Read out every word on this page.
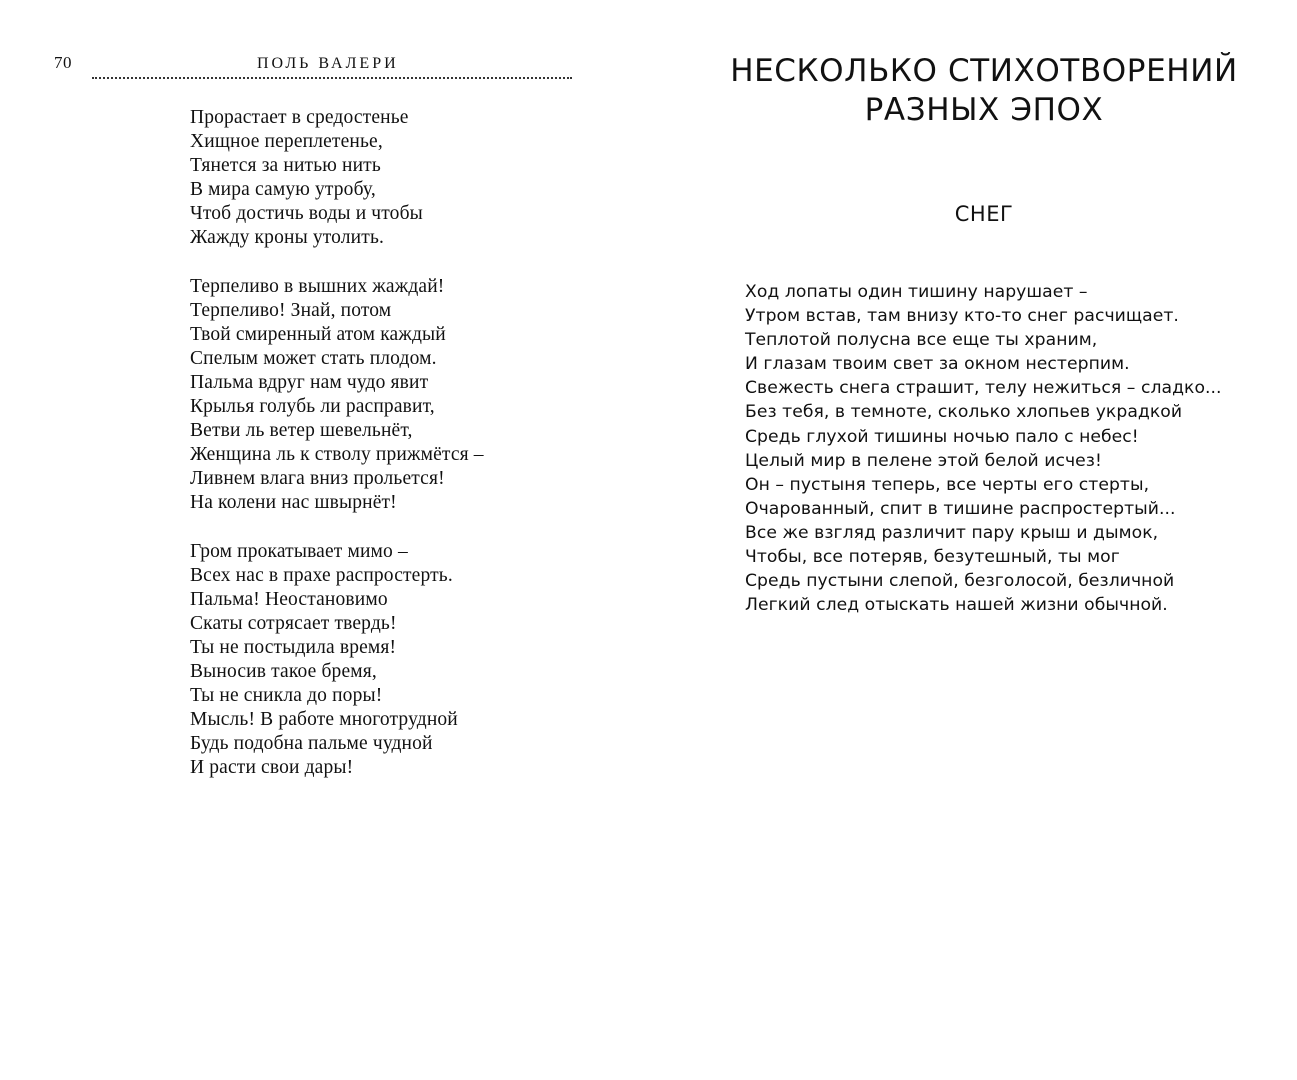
70	ПОЛЬ ВАЛЕРИ
Прорастает в средостенье
Хищное переплетенье,
Тянется за нитью нить
В мира самую утробу,
Чтоб достичь воды и чтобы
Жажду кроны утолить.
Терпеливо в вышних жаждай!
Терпеливо! Знай, потом
Твой смиренный атом каждый
Спелым может стать плодом.
Пальма вдруг нам чудо явит
Крылья голубь ли расправит,
Ветви ль ветер шевельнёт,
Женщина ль к стволу прижмётся –
Ливнем влага вниз прольется!
На колени нас швырнёт!
Гром прокатывает мимо –
Всех нас в прахе распростерть.
Пальма! Неостановимо
Скаты сотрясает твердь!
Ты не постыдила время!
Выносив такое бремя,
Ты не сникла до поры!
Мысль! В работе многотрудной
Будь подобна пальме чудной
И расти свои дары!
НЕСКОЛЬКО СТИХОТВОРЕНИЙ
РАЗНЫХ ЭПОХ
СНЕГ
Ход лопаты один тишину нарушает –
Утром встав, там внизу кто-то снег расчищает.
Теплотой полусна все еще ты храним,
И глазам твоим свет за окном нестерпим.
Свежесть снега страшит, телу нежиться – сладко...
Без тебя, в темноте, сколько хлопьев украдкой
Средь глухой тишины ночью пало с небес!
Целый мир в пелене этой белой исчез!
Он – пустыня теперь, все черты его стерты,
Очарованный, спит в тишине распростертый...
Все же взгляд различит пару крыш и дымок,
Чтобы, все потеряв, безутешный, ты мог
Средь пустыни слепой, безголосой, безличной
Легкий след отыскать нашей жизни обычной.
